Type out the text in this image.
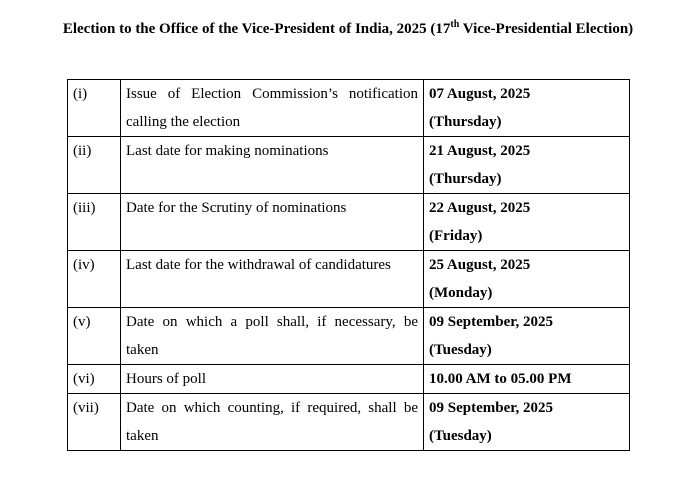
Election to the Office of the Vice-President of India, 2025 (17th Vice-Presidential Election)
(i)	Issue of Election Commission’s notification calling the election	07 August, 2025
(Thursday)

(ii)	Last date for making nominations	21 August, 2025
(Thursday)

(iii)	Date for the Scrutiny of nominations	22 August, 2025
(Friday)

(iv)	Last date for the withdrawal of candidatures	25 August, 2025
(Monday)

(v)	Date on which a poll shall, if necessary, be taken	09 September, 2025
(Tuesday)

(vi)	Hours of poll	10.00 AM to 05.00 PM

(vii)	Date on which counting, if required, shall be taken	09 September, 2025
(Tuesday)
